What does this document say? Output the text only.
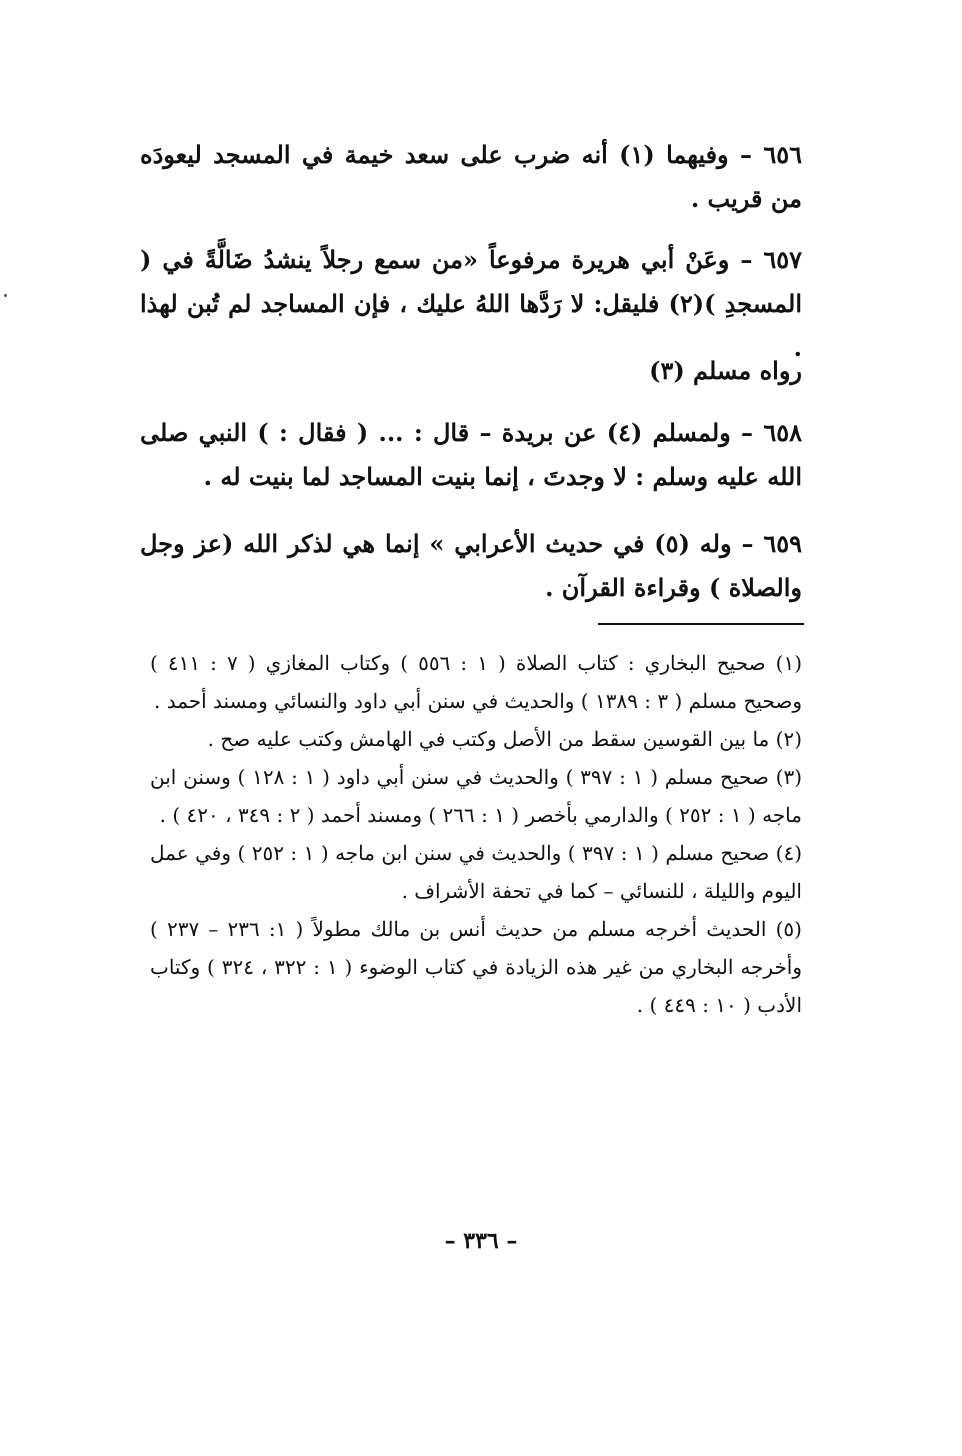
٦٥٦ – وفيهما (١) أنه ضرب على سعد خيمة في المسجد ليعودَه من قريب .

٦٥٧ – وعَنْ أبي هريرة مرفوعاً «من سمع رجلاً ينشدُ ضَالَّةً في ( المسجدِ )(٢) فليقل: لا رَدَّها اللهُ عليك ، فإن المساجد لم تُبن لهذا .

رواه مسلم (٣)

٦٥٨ – ولمسلم (٤) عن بريدة – قال : ... ( فقال : ) النبي صلى الله عليه وسلم : لا وجدتَ ، إنما بنيت المساجد لما بنيت له .

٦٥٩ – وله (٥) في حديث الأعرابي » إنما هي لذكر الله (عز وجل والصلاة ) وقراءة القرآن .

(١) صحيح البخاري : كتاب الصلاة ( ١ : ٥٥٦ ) وكتاب المغازي ( ٧ : ٤١١ ) وصحيح مسلم ( ٣ : ١٣٨٩ ) والحديث في سنن أبي داود والنسائي ومسند أحمد .

(٢) ما بين القوسين سقط من الأصل وكتب في الهامش وكتب عليه صح .

(٣) صحيح مسلم ( ١ : ٣٩٧ ) والحديث في سنن أبي داود ( ١ : ١٢٨ ) وسنن ابن ماجه ( ١ : ٢٥٢ ) والدارمي بأخصر ( ١ : ٢٦٦ ) ومسند أحمد ( ٢ : ٣٤٩ ، ٤٢٠ ) .

(٤) صحيح مسلم ( ١ : ٣٩٧ ) والحديث في سنن ابن ماجه ( ١ : ٢٥٢ ) وفي عمل اليوم والليلة ، للنسائي – كما في تحفة الأشراف .

(٥) الحديث أخرجه مسلم من حديث أنس بن مالك مطولاً ( ١: ٢٣٦ – ٢٣٧ ) وأخرجه البخاري من غير هذه الزيادة في كتاب الوضوء ( ١ : ٣٢٢ ، ٣٢٤ ) وكتاب الأدب ( ١٠ : ٤٤٩ ) .

– ٣٣٦ –
